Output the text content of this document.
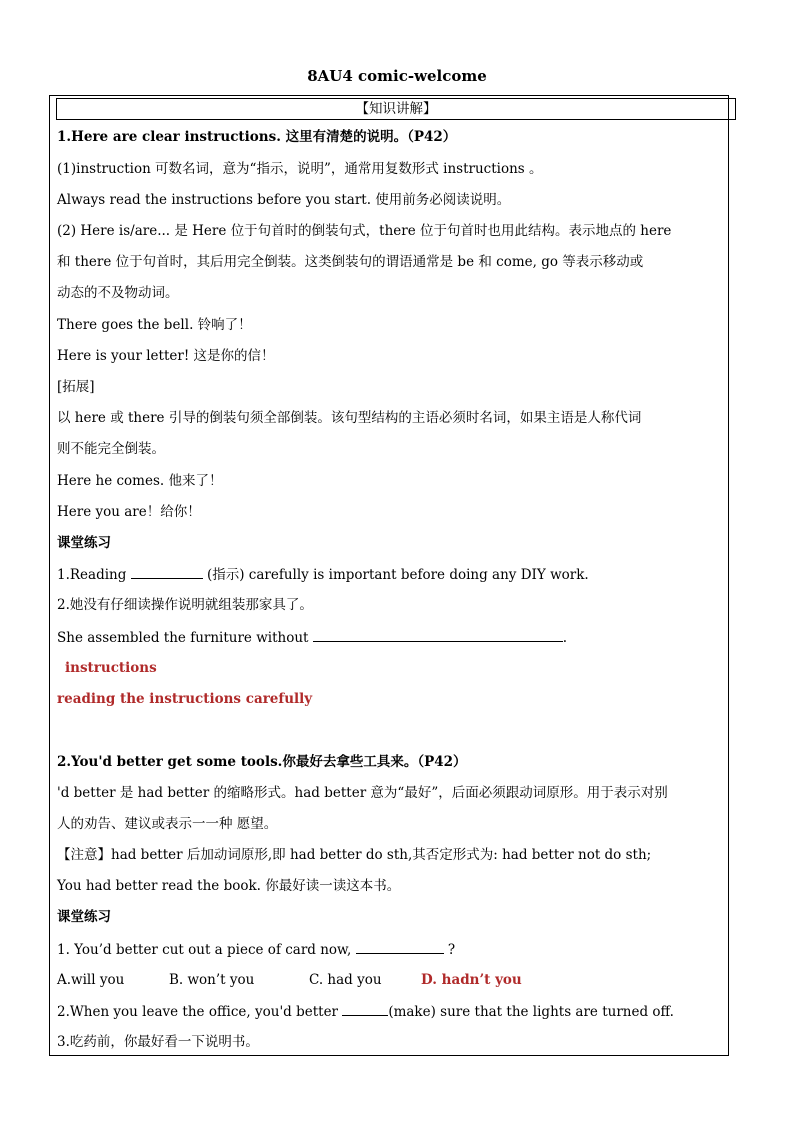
8AU4 comic-welcome
【知识讲解】
1.Here are clear instructions. 这里有清楚的说明。（P42）
(1)instruction 可数名词，意为“指示，说明”，通常用复数形式 instructions 。
Always read the instructions before you start. 使用前务必阅读说明。
(2) Here is/are... 是 Here 位于句首时的倒装句式，there 位于句首时也用此结构。表示地点的 here
和 there 位于句首时，其后用完全倒装。这类倒装句的谓语通常是 be 和 come, go 等表示移动或
动态的不及物动词。
There goes the bell. 铃响了！
Here is your letter! 这是你的信！
[拓展]
以 here 或 there 引导的倒装句须全部倒装。该句型结构的主语必须时名词，如果主语是人称代词
则不能完全倒装。
Here he comes. 他来了！
Here you are！给你！
课堂练习
1.Reading	(指示) carefully is important before doing any DIY work.
2.她没有仔细读操作说明就组装那家具了。
She assembled the furniture without	.
instructions
reading the instructions carefully
2.You'd better get some tools.你最好去拿些工具来。（P42）
'd better 是 had better 的缩略形式。had better 意为“最好”，后面必须跟动词原形。用于表示对别
人的劝告、建议或表示一一种 愿望。
【注意】had better 后加动词原形,即 had better do sth,其否定形式为: had better not do sth;
You had better read the book. 你最好读一读这本书。
课堂练习
1. You’d better cut out a piece of card now,	?
A.will you	B. won’t you	C. had you	D. hadn’t you
2.When you leave the office, you'd better	(make) sure that the lights are turned off.
3.吃药前，你最好看一下说明书。
